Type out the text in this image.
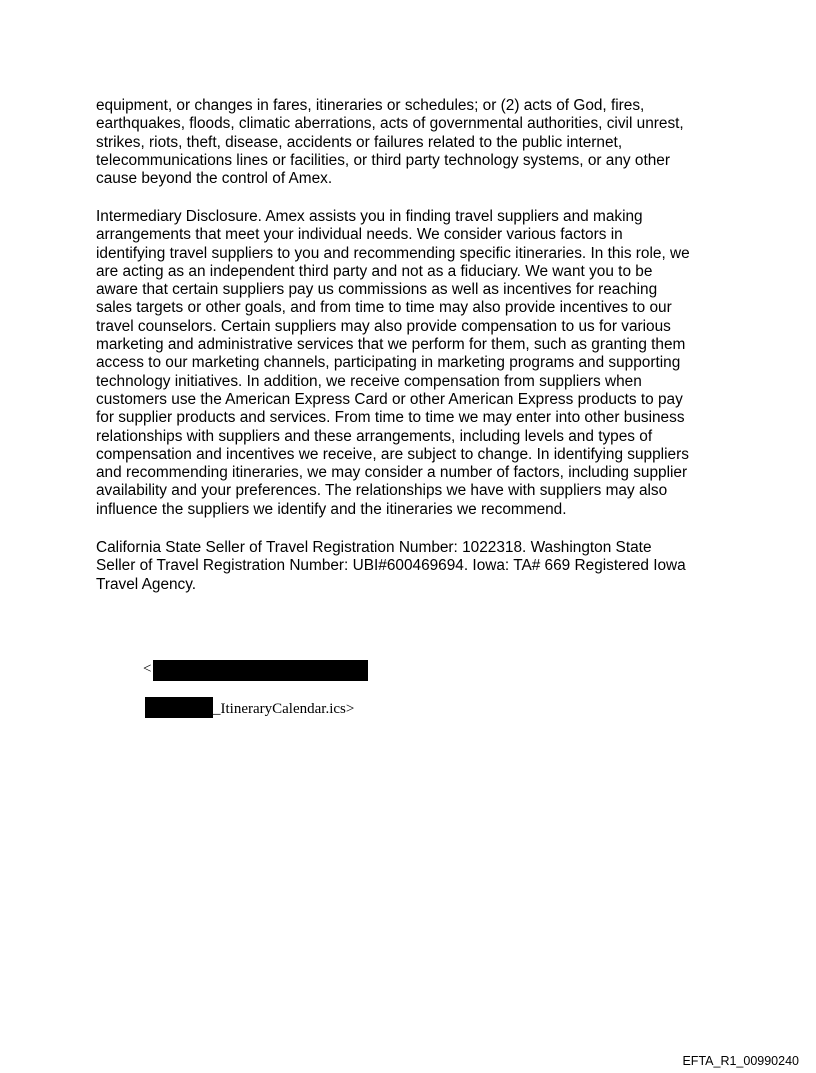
equipment, or changes in fares, itineraries or schedules; or (2) acts of God, fires,
earthquakes, floods, climatic aberrations, acts of governmental authorities, civil unrest,
strikes, riots, theft, disease, accidents or failures related to the public internet,
telecommunications lines or facilities, or third party technology systems, or any other
cause beyond the control of Amex.
Intermediary Disclosure. Amex assists you in finding travel suppliers and making
arrangements that meet your individual needs. We consider various factors in
identifying travel suppliers to you and recommending specific itineraries. In this role, we
are acting as an independent third party and not as a fiduciary. We want you to be
aware that certain suppliers pay us commissions as well as incentives for reaching
sales targets or other goals, and from time to time may also provide incentives to our
travel counselors. Certain suppliers may also provide compensation to us for various
marketing and administrative services that we perform for them, such as granting them
access to our marketing channels, participating in marketing programs and supporting
technology initiatives. In addition, we receive compensation from suppliers when
customers use the American Express Card or other American Express products to pay
for supplier products and services. From time to time we may enter into other business
relationships with suppliers and these arrangements, including levels and types of
compensation and incentives we receive, are subject to change. In identifying suppliers
and recommending itineraries, we may consider a number of factors, including supplier
availability and your preferences. The relationships we have with suppliers may also
influence the suppliers we identify and the itineraries we recommend.
California State Seller of Travel Registration Number: 1022318. Washington State
Seller of Travel Registration Number: UBI#600469694. Iowa: TA# 669 Registered Iowa
Travel Agency.
<
_ItineraryCalendar.ics>
EFTA_R1_00990240
